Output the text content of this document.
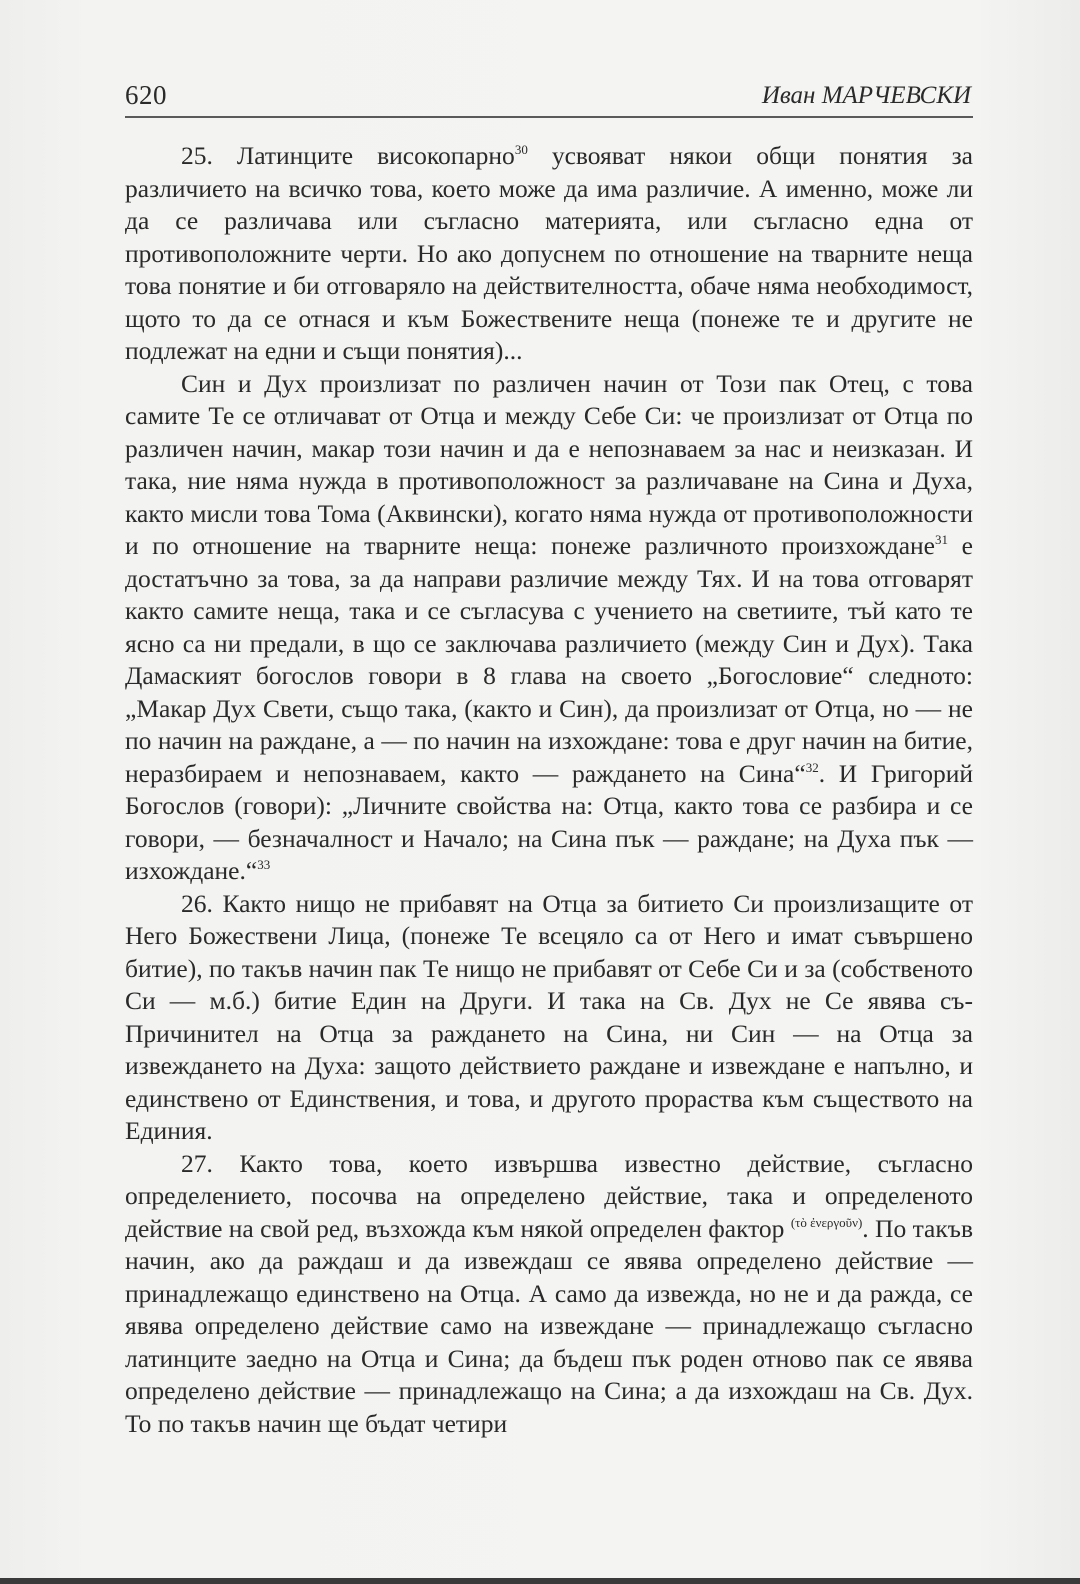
620	Иван МАРЧЕВСКИ

25. Латинците високопарно$^{30}$ усвояват някои общи понятия за различието на всичко това, което може да има различие. А именно, може ли да се различава или съгласно материята, или съгласно една от противоположните черти. Но ако допуснем по отношение на тварните неща това понятие и би отговаряло на действителността, обаче няма необходимост, щото то да се отнася и към Божествените неща (понеже те и другите не подлежат на едни и същи понятия)...

Син и Дух произлизат по различен начин от Този пак Отец, с това самите Те се отличават от Отца и между Себе Си: че произлизат от Отца по различен начин, макар този начин и да е непознаваем за нас и неизказан. И така, ние няма нужда в противоположност за различаване на Сина и Духа, както мисли това Тома (Аквински), когато няма нужда от противоположности и по отношение на тварните неща: понеже различното произхождане$^{31}$ е достатъчно за това, за да направи различие между Тях. И на това отговарят както самите неща, така и се съгласува с учението на светиите, тъй като те ясно са ни предали, в що се заключава различието (между Син и Дух). Така Дамаският богослов говори в 8 глава на своето „Богословие“ следното: „Макар Дух Свети, също така, (както и Син), да произлизат от Отца, но — не по начин на раждане, а — по начин на изхождане: това е друг начин на битие, неразбираем и непознаваем, както — раждането на Сина“$^{32}$. И Григорий Богослов (говори): „Личните свойства на: Отца, както това се разбира и се говори, — безначалност и Начало; на Сина пък — раждане; на Духа пък — изхождане.“$^{33}$

26. Както нищо не прибавят на Отца за битието Си произлизащите от Него Божествени Лица, (понеже Те всецяло са от Него и имат съвършено битие), по такъв начин пак Те нищо не прибавят от Себе Си и за (собственото Си — м.б.) битие Един на Други. И така на Св. Дух не Се явява съ-Причинител на Отца за раждането на Сина, ни Син — на Отца за извеждането на Духа: защото действието раждане и извеждане е напълно, и единствено от Единствения, и това, и другото прораства към съществото на Единия.

27. Както това, което извършва известно действие, съгласно определението, посочва на определено действие, така и определеното действие на свой ред, възхожда към някой определен фактор $^{(\tau ὸ ἐ\nu\varepsilon\rho\gamma oῦ\nu)}$. По такъв начин, ако да раждаш и да извеждаш се явява определено действие — принадлежащо единствено на Отца. А само да извежда, но не и да ражда, се явява определено действие само на извеждане — принадлежащо съгласно латинците заедно на Отца и Сина; да бъдеш пък роден отново пак се явява определено действие — принадлежащо на Сина; а да изхождаш на Св. Дух. То по такъв начин ще бъдат четири
